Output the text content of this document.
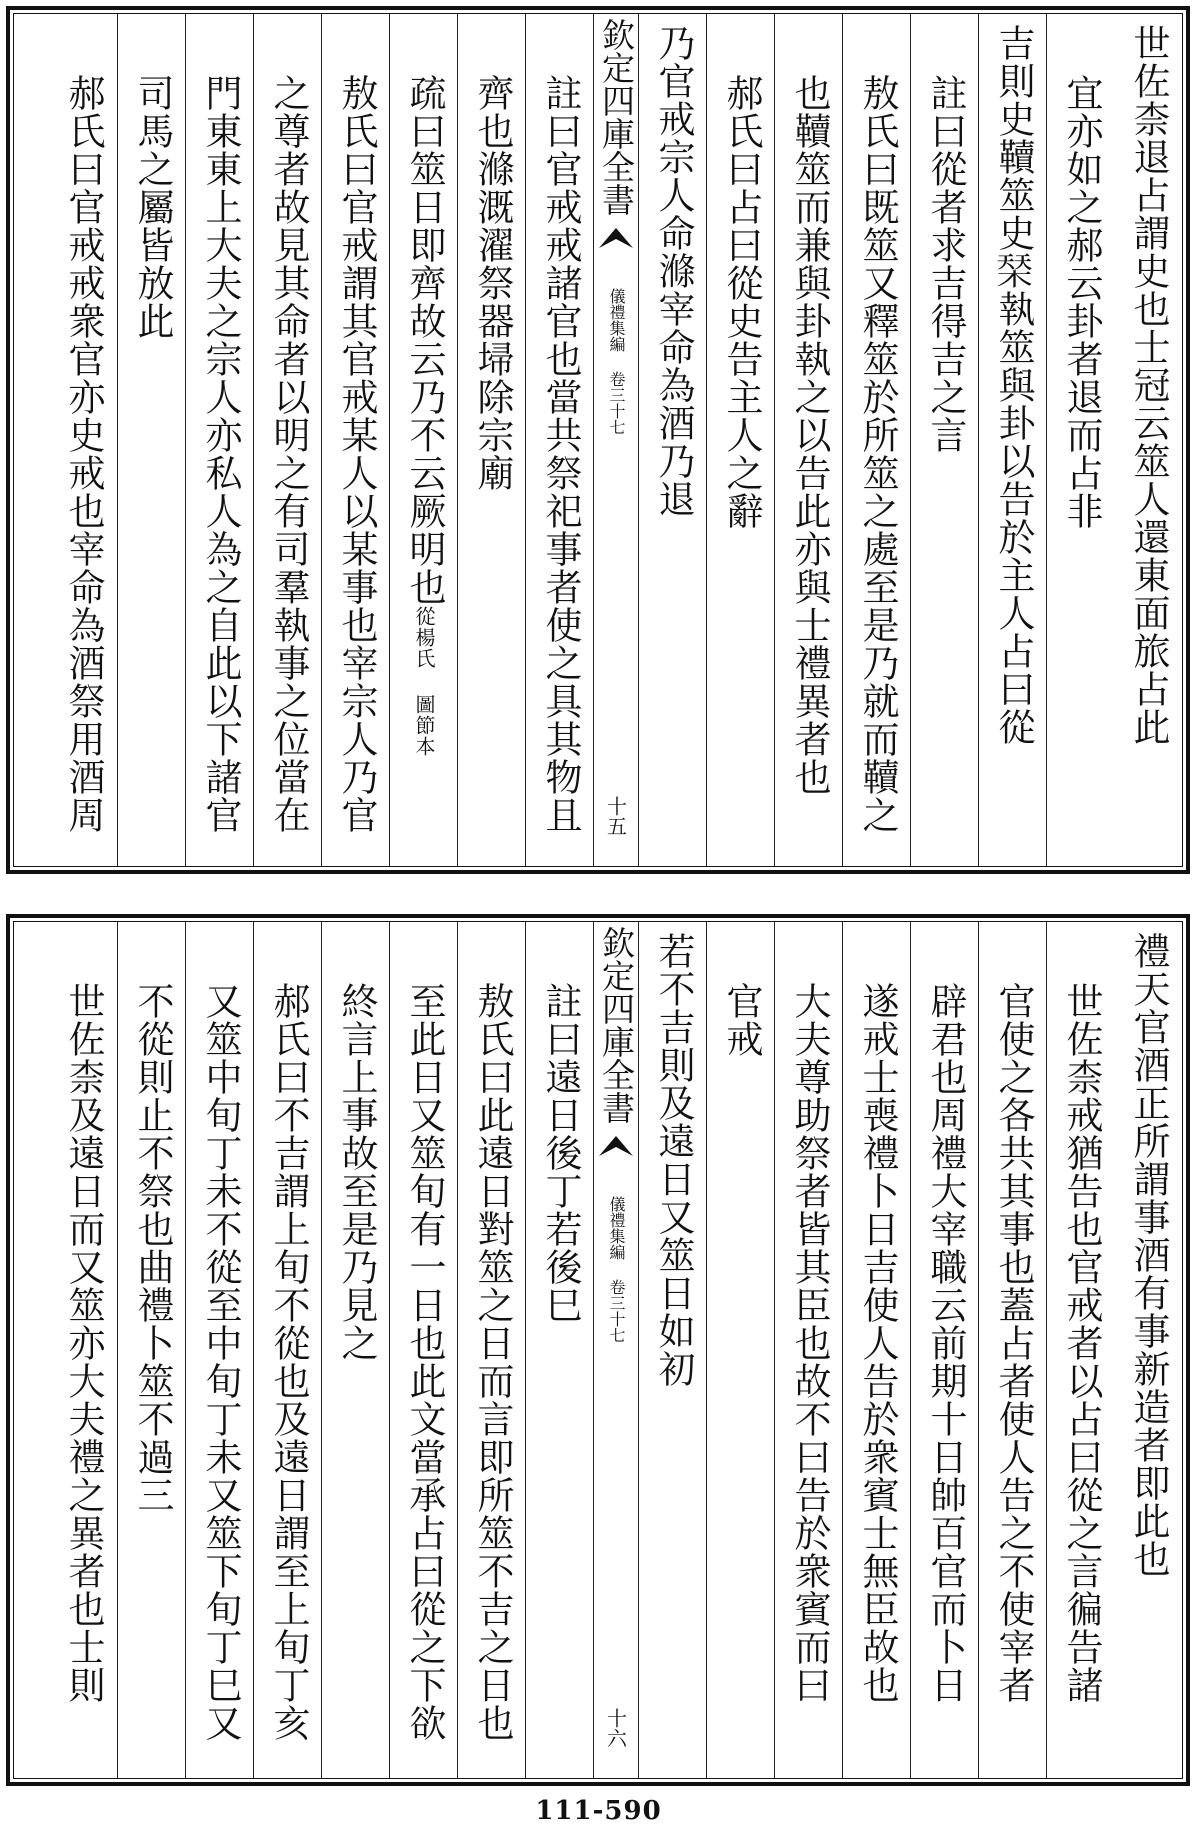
世佐柰退占謂史也士冠云筮人還東面旅占此
宜亦如之郝云卦者退而占非
吉則史韇筮史𣓁執筮與卦以告於主人占曰從
註曰從者求吉得吉之言
敖氏曰既筮又釋筮於所筮之處至是乃就而韇之
也韇筮而兼與卦執之以告此亦與士禮異者也
郝氏曰占曰從史告主人之辭
乃官戒宗人命滌宰命為酒乃退
欽定四庫全書
儀禮集編 卷三十七
十五
註曰官戒戒諸官也當共祭祀事者使之具其物且
齊也滌溉濯祭器埽除宗廟
疏曰筮日即齊故云乃不云厥明也從楊氏 圖節本
敖氏曰官戒謂其官戒某人以某事也宰宗人乃官
之尊者故見其命者以明之有司羣執事之位當在
門東東上大夫之宗人亦私人為之自此以下諸官
司馬之屬皆放此
郝氏曰官戒戒衆官亦史戒也宰命為酒祭用酒周
禮天官酒正所謂事酒有事新造者即此也
世佐柰戒猶告也官戒者以占曰從之言徧告諸
官使之各共其事也蓋占者使人告之不使宰者
辟君也周禮大宰職云前期十日帥百官而卜日
遂戒士喪禮卜日吉使人告於衆賓士無臣故也
大夫尊助祭者皆其臣也故不曰告於衆賓而曰
官戒
若不吉則及遠日又筮日如初
欽定四庫全書
儀禮集編 卷三十七
十六
註曰遠日後丁若後巳
敖氏曰此遠日對筮之日而言即所筮不吉之日也
至此日又筮旬有一日也此文當承占曰從之下欲
終言上事故至是乃見之
郝氏曰不吉謂上旬不從也及遠日謂至上旬丁亥
又筮中旬丁未不從至中旬丁未又筮下旬丁巳又
不從則止不祭也曲禮卜筮不過三
世佐柰及遠日而又筮亦大夫禮之異者也士則
111-590
